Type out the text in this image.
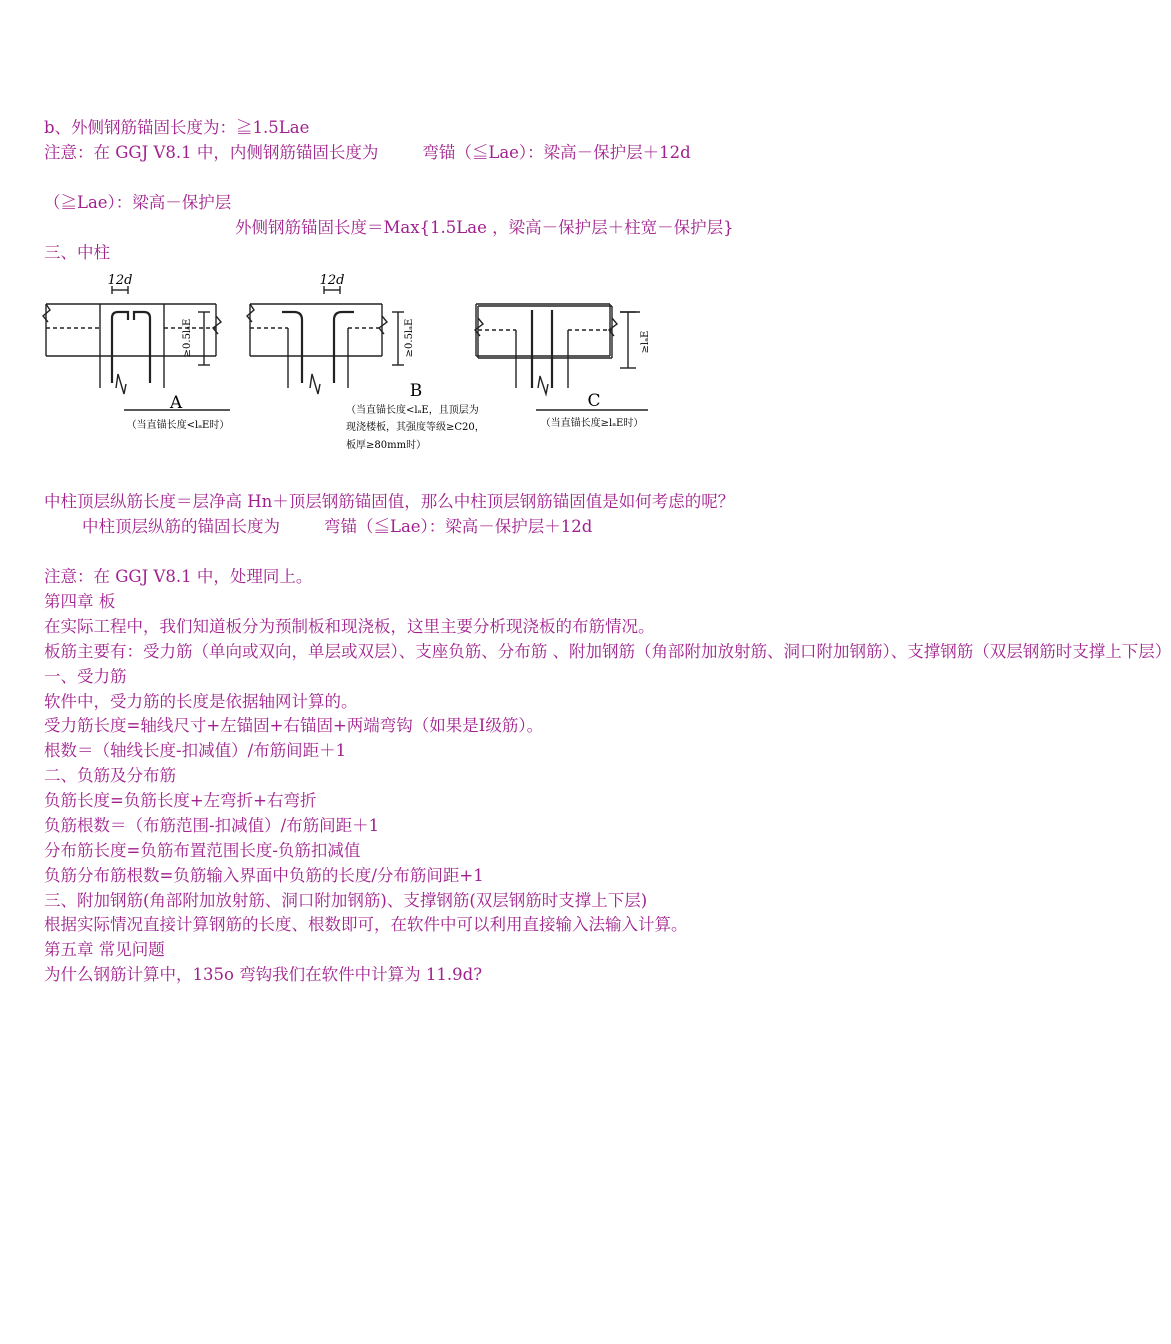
b、外侧钢筋锚固长度为：≧1.5Lae
注意：在 GGJ V8.1 中，内侧钢筋锚固长度为	弯锚（≦Lae）：梁高－保护层＋12d
（≧Lae）：梁高－保护层
外侧钢筋锚固长度＝Max{1.5Lae ，梁高－保护层＋柱宽－保护层}
三、中柱
≥lₐE
C
（当直锚长度≥lₐE时）
12d
≥0.5lₐE
A
（当直锚长度<lₐE时）
12d
≥0.5lₐE
B
（当直锚长度<lₐE，且顶层为
现浇楼板，其强度等级≥C20，
板厚≥80mm时）
中柱顶层纵筋长度＝层净高 Hn＋顶层钢筋锚固值，那么中柱顶层钢筋锚固值是如何考虑的呢？
中柱顶层纵筋的锚固长度为	弯锚（≦Lae）：梁高－保护层＋12d
注意：在 GGJ V8.1 中，处理同上。
第四章 板
在实际工程中，我们知道板分为预制板和现浇板，这里主要分析现浇板的布筋情况。
板筋主要有：受力筋（单向或双向，单层或双层）、支座负筋、分布筋 、附加钢筋（角部附加放射筋、洞口附加钢筋）、支撑钢筋（双层钢筋时支撑上下层）
一、受力筋
软件中，受力筋的长度是依据轴网计算的。
受力筋长度=轴线尺寸+左锚固+右锚固+两端弯钩（如果是Ⅰ级筋）。
根数＝（轴线长度-扣减值）/布筋间距＋1
二、负筋及分布筋
负筋长度=负筋长度+左弯折+右弯折
负筋根数＝（布筋范围-扣减值）/布筋间距＋1
分布筋长度=负筋布置范围长度-负筋扣减值
负筋分布筋根数=负筋输入界面中负筋的长度/分布筋间距+1
三、附加钢筋(角部附加放射筋、洞口附加钢筋)、支撑钢筋(双层钢筋时支撑上下层)
根据实际情况直接计算钢筋的长度、根数即可，在软件中可以利用直接输入法输入计算。
第五章 常见问题
为什么钢筋计算中，135o 弯钩我们在软件中计算为 11.9d?
